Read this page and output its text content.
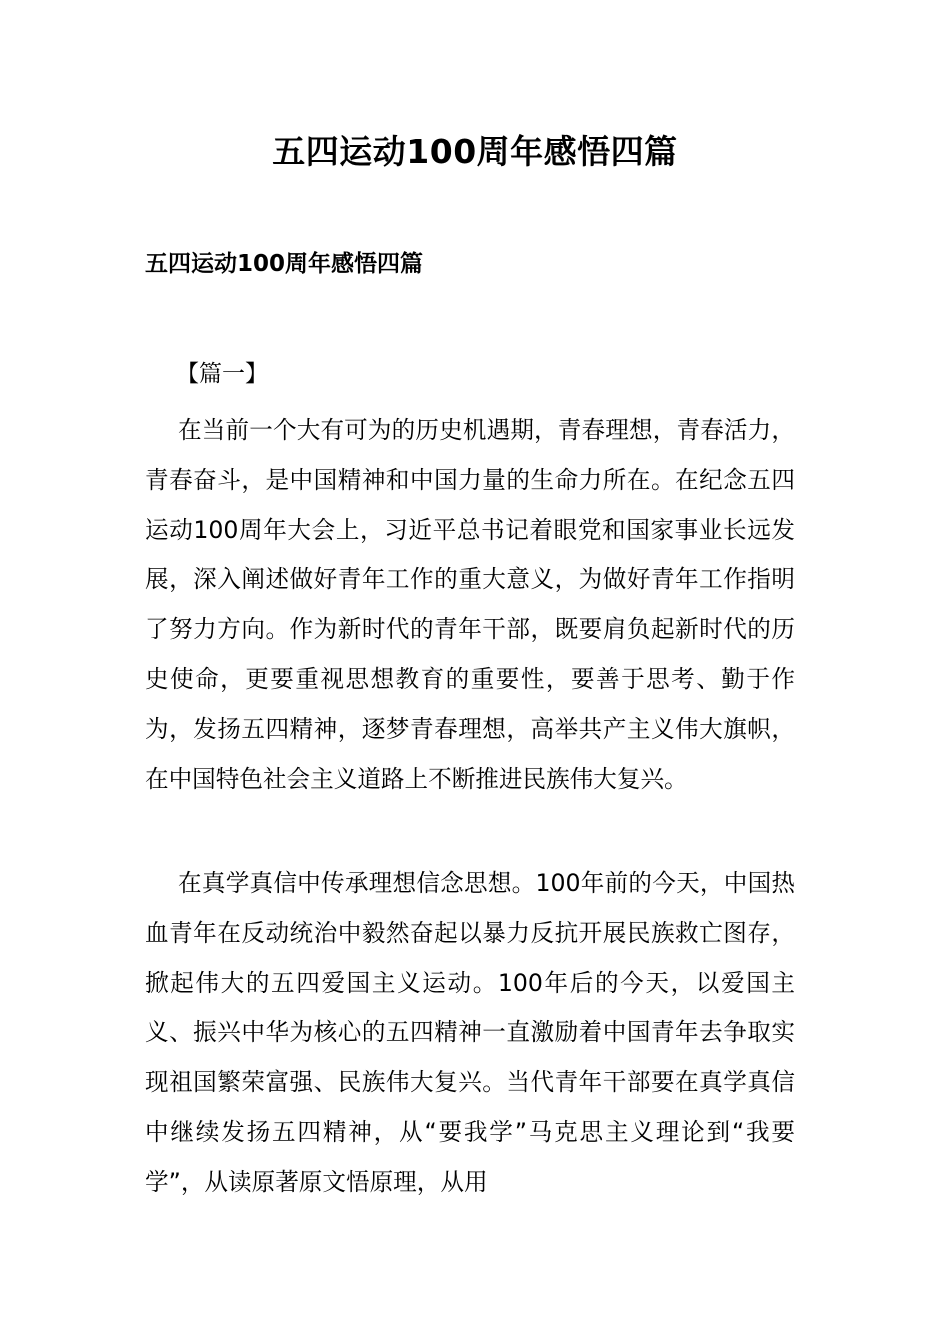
五四运动100周年感悟四篇
五四运动100周年感悟四篇
【篇一】

在当前一个大有可为的历史机遇期，青春理想，青春活力，青春奋斗，是中国精神和中国力量的生命力所在。在纪念五四运动100周年大会上，习近平总书记着眼党和国家事业长远发展，深入阐述做好青年工作的重大意义，为做好青年工作指明了努力方向。作为新时代的青年干部，既要肩负起新时代的历史使命，更要重视思想教育的重要性，要善于思考、勤于作为，发扬五四精神，逐梦青春理想，高举共产主义伟大旗帜，在中国特色社会主义道路上不断推进民族伟大复兴。

在真学真信中传承理想信念思想。100年前的今天，中国热血青年在反动统治中毅然奋起以暴力反抗开展民族救亡图存，掀起伟大的五四爱国主义运动。100年后的今天，以爱国主义、振兴中华为核心的五四精神一直激励着中国青年去争取实现祖国繁荣富强、民族伟大复兴。当代青年干部要在真学真信中继续发扬五四精神，从“要我学”马克思主义理论到“我要学”，从读原著原文悟原理，从用
